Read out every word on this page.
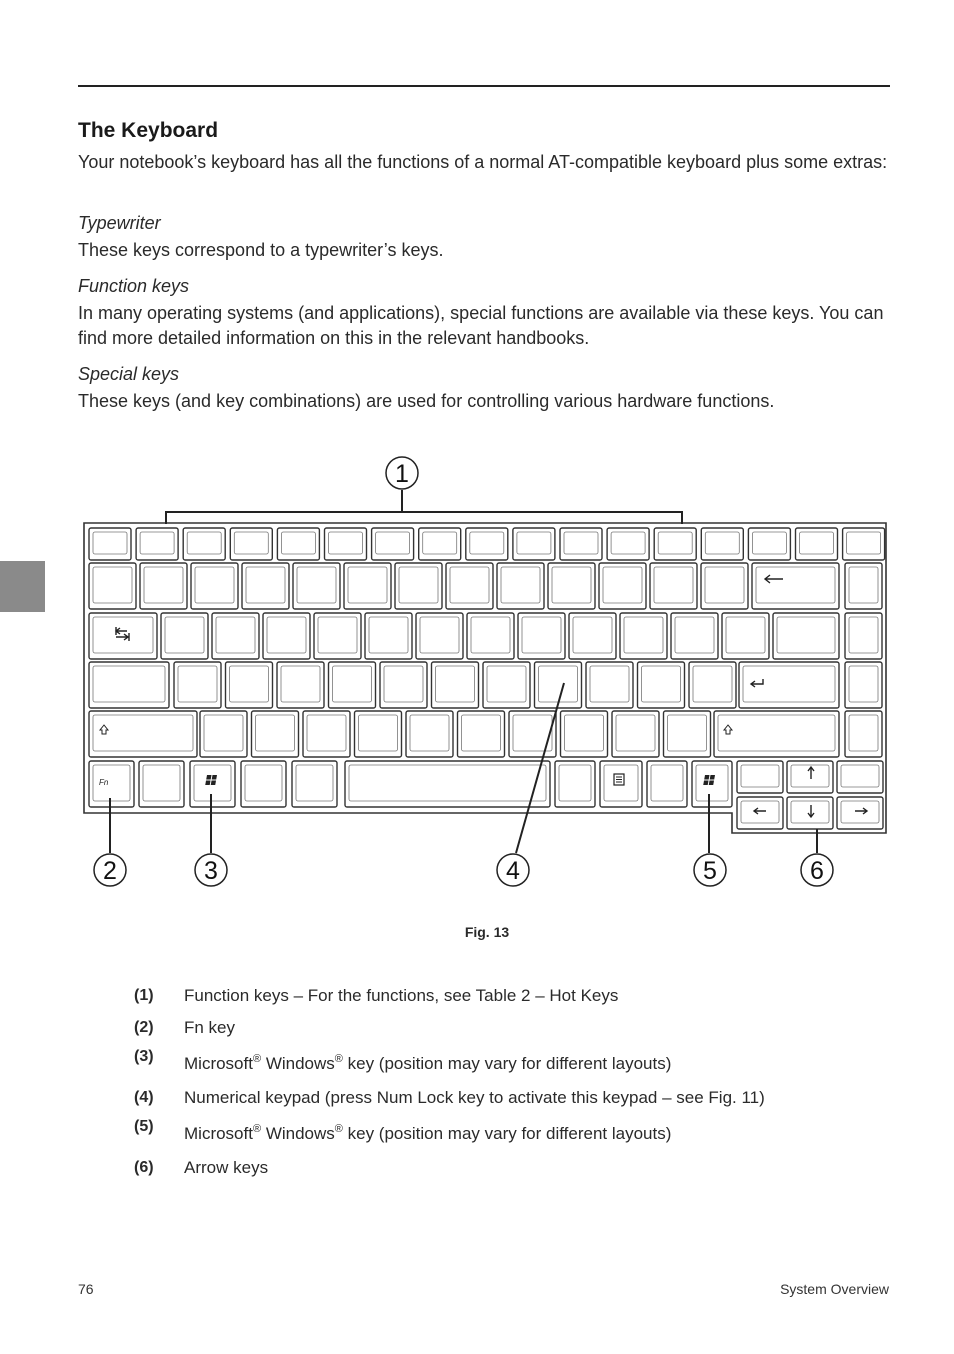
The Keyboard

Your notebook’s keyboard has all the functions of a normal AT-compatible keyboard plus some extras:

Typewriter

These keys correspond to a typewriter’s keys.

Function keys

In many operating systems (and applications), special functions are available via these keys. You can find more detailed information on this in the relevant handbooks.

Special keys

These keys (and key combinations) are used for controlling various hardware functions.

Fn
1
2	3	4	5	6
Fig. 13
(1) Function keys – For the functions, see Table 2 – Hot Keys
(2) Fn key
(3) Microsoft® Windows® key (position may vary for different layouts)
(4) Numerical keypad (press Num Lock key to activate this keypad – see Fig. 11)
(5) Microsoft® Windows® key (position may vary for different layouts)
(6) Arrow keys
76	System Overview
